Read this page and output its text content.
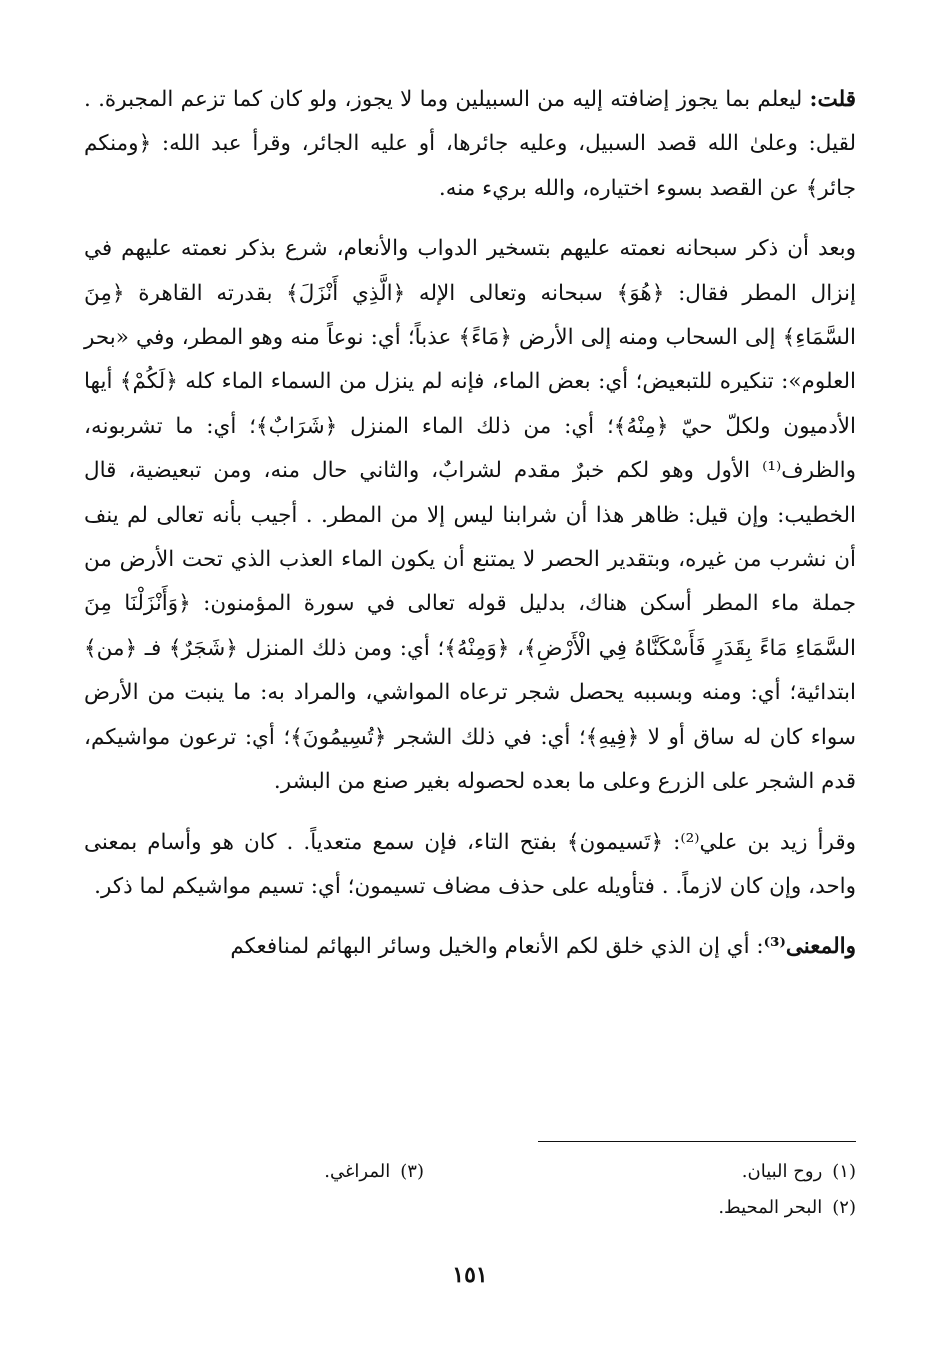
قلت: ليعلم بما يجوز إضافته إليه من السبيلين وما لا يجوز، ولو كان كما تزعم المجبرة. . لقيل: وعلىٰ الله قصد السبيل، وعليه جائرها، أو عليه الجائر، وقرأ عبد الله: ﴿ومنكم جائر﴾ عن القصد بسوء اختياره، والله بريء منه.

وبعد أن ذكر سبحانه نعمته عليهم بتسخير الدواب والأنعام، شرع بذكر نعمته عليهم في إنزال المطر فقال: ﴿هُوَ﴾ سبحانه وتعالى الإله ﴿الَّذِي أَنْزَلَ﴾ بقدرته القاهرة ﴿مِنَ السَّمَاءِ﴾ إلى السحاب ومنه إلى الأرض ﴿مَاءً﴾ عذباً؛ أي: نوعاً منه وهو المطر، وفي «بحر العلوم»: تنكيره للتبعيض؛ أي: بعض الماء، فإنه لم ينزل من السماء الماء كله ﴿لَكُمْ﴾ أيها الأدميون ولكلّ حيّ ﴿مِنْهُ﴾؛ أي: من ذلك الماء المنزل ﴿شَرَابٌ﴾؛ أي: ما تشربونه، والظرف⁽¹⁾ الأول وهو لكم خبرٌ مقدم لشرابٌ، والثاني حال منه، ومن تبعيضية، قال الخطيب: وإن قيل: ظاهر هذا أن شرابنا ليس إلا من المطر. . أجيب بأنه تعالى لم ينف أن نشرب من غيره، وبتقدير الحصر لا يمتنع أن يكون الماء العذب الذي تحت الأرض من جملة ماء المطر أسكن هناك، بدليل قوله تعالى في سورة المؤمنون: ﴿وَأَنْزَلْنَا مِنَ السَّمَاءِ مَاءً بِقَدَرٍ فَأَسْكَنَّاهُ فِي الْأَرْضِ﴾، ﴿وَمِنْهُ﴾؛ أي: ومن ذلك المنزل ﴿شَجَرٌ﴾ فـ ﴿من﴾ ابتدائية؛ أي: ومنه وبسببه يحصل شجر ترعاه المواشي، والمراد به: ما ينبت من الأرض سواء كان له ساق أو لا ﴿فِيهِ﴾؛ أي: في ذلك الشجر ﴿تُسِيمُونَ﴾؛ أي: ترعون مواشيكم، قدم الشجر على الزرع وعلى ما بعده لحصوله بغير صنع من البشر.

وقرأ زيد بن علي⁽²⁾: ﴿تَسيمون﴾ بفتح التاء، فإن سمع متعدياً. . كان هو وأسام بمعنى واحد، وإن كان لازماً. . فتأويله على حذف مضاف تسيمون؛ أي: تسيم مواشيكم لما ذكر.

والمعنى⁽³⁾: أي إن الذي خلق لكم الأنعام والخيل وسائر البهائم لمنافعكم

(١)روح البيان.
(٣)المراغي.
(٢)البحر المحيط.
١٥١
